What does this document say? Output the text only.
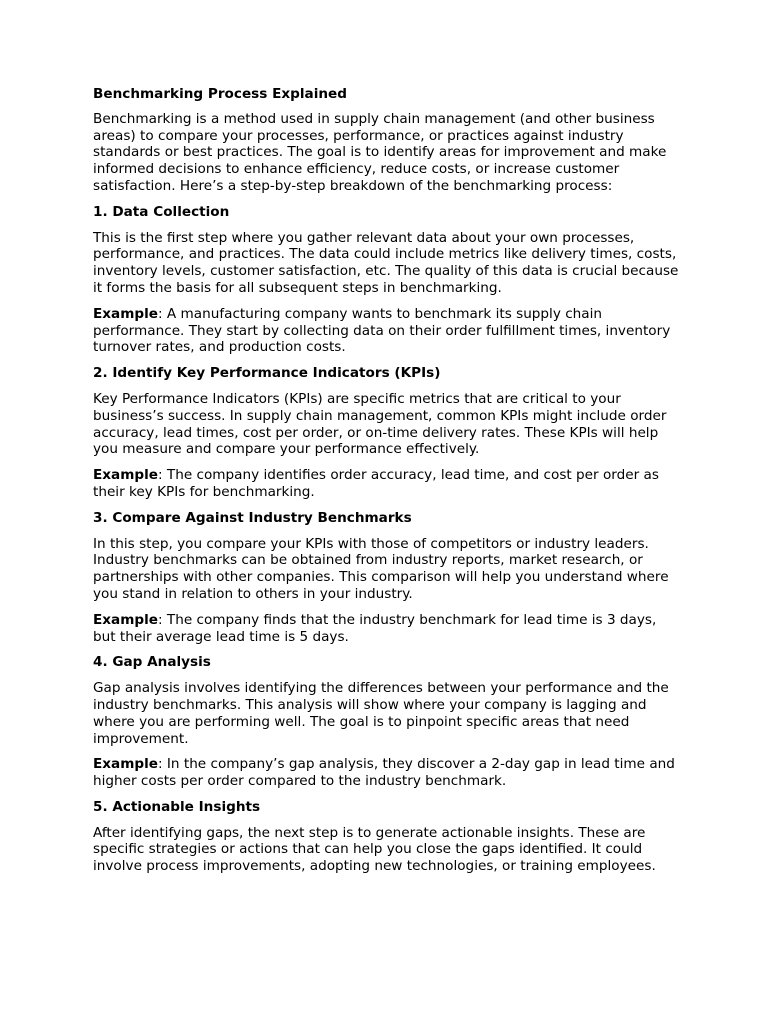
Benchmarking Process Explained
Benchmarking is a method used in supply chain management (and other business areas) to compare your processes, performance, or practices against industry standards or best practices. The goal is to identify areas for improvement and make informed decisions to enhance efficiency, reduce costs, or increase customer satisfaction. Here’s a step-by-step breakdown of the benchmarking process:
1. Data Collection
This is the first step where you gather relevant data about your own processes, performance, and practices. The data could include metrics like delivery times, costs, inventory levels, customer satisfaction, etc. The quality of this data is crucial because it forms the basis for all subsequent steps in benchmarking.
Example: A manufacturing company wants to benchmark its supply chain performance. They start by collecting data on their order fulfillment times, inventory turnover rates, and production costs.
2. Identify Key Performance Indicators (KPIs)
Key Performance Indicators (KPIs) are specific metrics that are critical to your business’s success. In supply chain management, common KPIs might include order accuracy, lead times, cost per order, or on-time delivery rates. These KPIs will help you measure and compare your performance effectively.
Example: The company identifies order accuracy, lead time, and cost per order as their key KPIs for benchmarking.
3. Compare Against Industry Benchmarks
In this step, you compare your KPIs with those of competitors or industry leaders. Industry benchmarks can be obtained from industry reports, market research, or partnerships with other companies. This comparison will help you understand where you stand in relation to others in your industry.
Example: The company finds that the industry benchmark for lead time is 3 days, but their average lead time is 5 days.
4. Gap Analysis
Gap analysis involves identifying the differences between your performance and the industry benchmarks. This analysis will show where your company is lagging and where you are performing well. The goal is to pinpoint specific areas that need improvement.
Example: In the company’s gap analysis, they discover a 2-day gap in lead time and higher costs per order compared to the industry benchmark.
5. Actionable Insights
After identifying gaps, the next step is to generate actionable insights. These are specific strategies or actions that can help you close the gaps identified. It could involve process improvements, adopting new technologies, or training employees.
